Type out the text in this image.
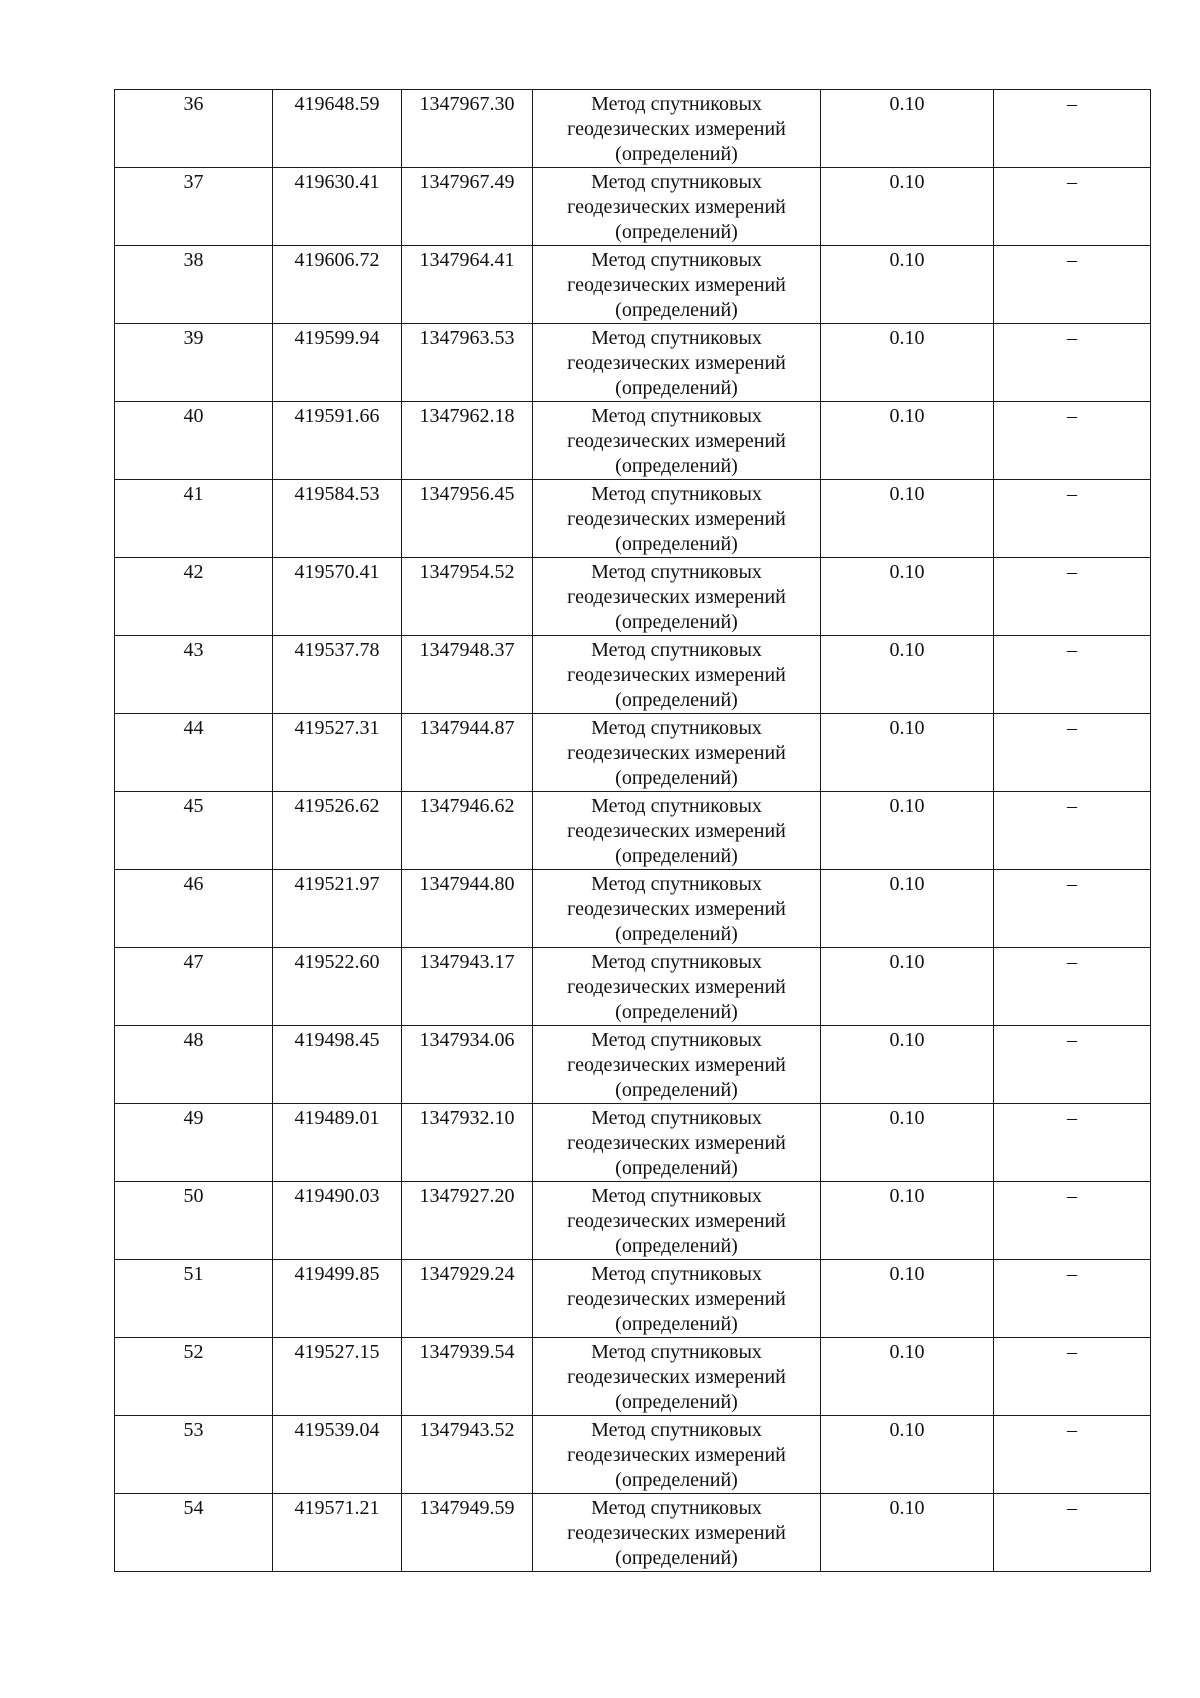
36	419648.59	1347967.30	Метод спутниковых геодезических измерений (определений)	0.10	–
37	419630.41	1347967.49	Метод спутниковых геодезических измерений (определений)	0.10	–
38	419606.72	1347964.41	Метод спутниковых геодезических измерений (определений)	0.10	–
39	419599.94	1347963.53	Метод спутниковых геодезических измерений (определений)	0.10	–
40	419591.66	1347962.18	Метод спутниковых геодезических измерений (определений)	0.10	–
41	419584.53	1347956.45	Метод спутниковых геодезических измерений (определений)	0.10	–
42	419570.41	1347954.52	Метод спутниковых геодезических измерений (определений)	0.10	–
43	419537.78	1347948.37	Метод спутниковых геодезических измерений (определений)	0.10	–
44	419527.31	1347944.87	Метод спутниковых геодезических измерений (определений)	0.10	–
45	419526.62	1347946.62	Метод спутниковых геодезических измерений (определений)	0.10	–
46	419521.97	1347944.80	Метод спутниковых геодезических измерений (определений)	0.10	–
47	419522.60	1347943.17	Метод спутниковых геодезических измерений (определений)	0.10	–
48	419498.45	1347934.06	Метод спутниковых геодезических измерений (определений)	0.10	–
49	419489.01	1347932.10	Метод спутниковых геодезических измерений (определений)	0.10	–
50	419490.03	1347927.20	Метод спутниковых геодезических измерений (определений)	0.10	–
51	419499.85	1347929.24	Метод спутниковых геодезических измерений (определений)	0.10	–
52	419527.15	1347939.54	Метод спутниковых геодезических измерений (определений)	0.10	–
53	419539.04	1347943.52	Метод спутниковых геодезических измерений (определений)	0.10	–
54	419571.21	1347949.59	Метод спутниковых геодезических измерений (определений)	0.10	–
